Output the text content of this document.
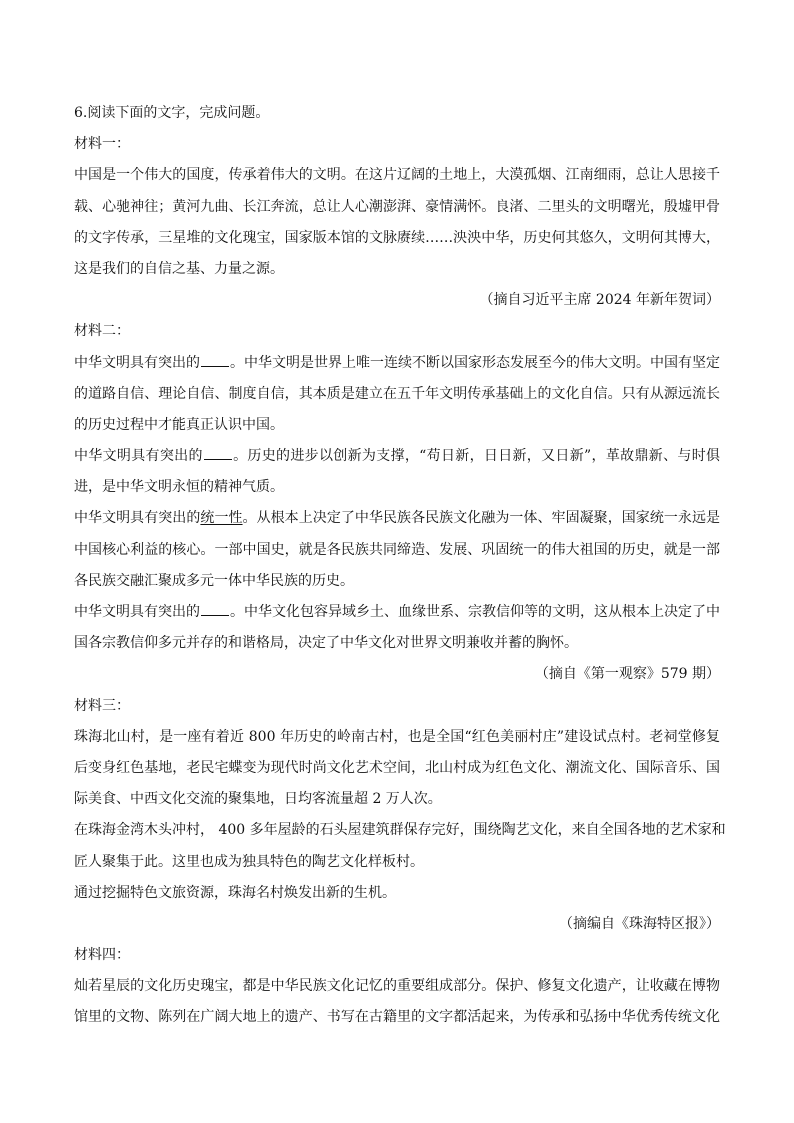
6.阅读下面的文字，完成问题。
材料一：
中国是一个伟大的国度，传承着伟大的文明。在这片辽阔的土地上，大漠孤烟、江南细雨，总让人思接千
载、心驰神往；黄河九曲、长江奔流，总让人心潮澎湃、豪情满怀。良渚、二里头的文明曙光，殷墟甲骨
的文字传承，三星堆的文化瑰宝，国家版本馆的文脉赓续……泱泱中华，历史何其悠久，文明何其博大，
这是我们的自信之基、力量之源。
（摘自习近平主席 2024 年新年贺词）
材料二：
中华文明具有突出的 。中华文明是世界上唯一连续不断以国家形态发展至今的伟大文明。中国有坚定
的道路自信、理论自信、制度自信，其本质是建立在五千年文明传承基础上的文化自信。只有从源远流长
的历史过程中才能真正认识中国。
中华文明具有突出的 。历史的进步以创新为支撑，“苟日新，日日新，又日新”，革故鼎新、与时俱
进，是中华文明永恒的精神气质。
中华文明具有突出的统一性。从根本上决定了中华民族各民族文化融为一体、牢固凝聚，国家统一永远是
中国核心利益的核心。一部中国史，就是各民族共同缔造、发展、巩固统一的伟大祖国的历史，就是一部
各民族交融汇聚成多元一体中华民族的历史。
中华文明具有突出的 。中华文化包容异域乡土、血缘世系、宗教信仰等的文明，这从根本上决定了中
国各宗教信仰多元并存的和谐格局，决定了中华文化对世界文明兼收并蓄的胸怀。
（摘自《第一观察》579 期）
材料三：
珠海北山村，是一座有着近 800 年历史的岭南古村，也是全国“红色美丽村庄”建设试点村。老祠堂修复
后变身红色基地，老民宅蝶变为现代时尚文化艺术空间，北山村成为红色文化、潮流文化、国际音乐、国
际美食、中西文化交流的聚集地，日均客流量超 2 万人次。
在珠海金湾木头冲村， 400 多年屋龄的石头屋建筑群保存完好，围绕陶艺文化，来自全国各地的艺术家和
匠人聚集于此。这里也成为独具特色的陶艺文化样板村。
通过挖掘特色文旅资源，珠海名村焕发出新的生机。
（摘编自《珠海特区报》）
材料四：
灿若星辰的文化历史瑰宝，都是中华民族文化记忆的重要组成部分。保护、修复文化遗产，让收藏在博物
馆里的文物、陈列在广阔大地上的遗产、书写在古籍里的文字都活起来，为传承和弘扬中华优秀传统文化
